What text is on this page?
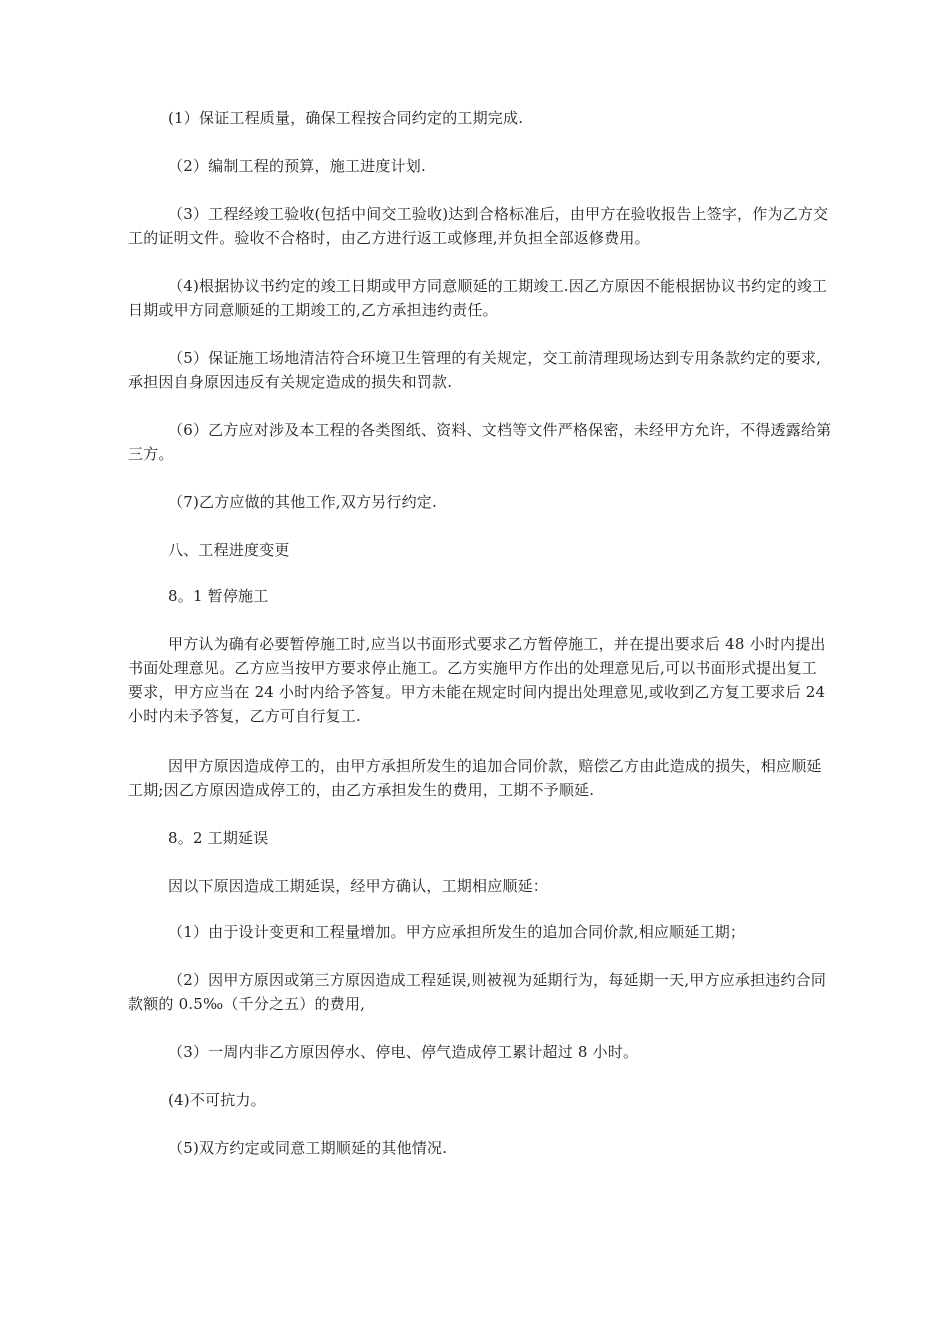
(1）保证工程质量，确保工程按合同约定的工期完成.

（2）编制工程的预算，施工进度计划.

（3）工程经竣工验收(包括中间交工验收)达到合格标准后，由甲方在验收报告上签字，作为乙方交工的证明文件。验收不合格时，由乙方进行返工或修理,并负担全部返修费用。

（4)根据协议书约定的竣工日期或甲方同意顺延的工期竣工.因乙方原因不能根据协议书约定的竣工日期或甲方同意顺延的工期竣工的,乙方承担违约责任。

（5）保证施工场地清洁符合环境卫生管理的有关规定，交工前清理现场达到专用条款约定的要求,承担因自身原因违反有关规定造成的损失和罚款.

（6）乙方应对涉及本工程的各类图纸、资料、文档等文件严格保密，未经甲方允许，不得透露给第三方。

（7)乙方应做的其他工作,双方另行约定.

八、工程进度变更

8。1 暂停施工

甲方认为确有必要暂停施工时,应当以书面形式要求乙方暂停施工，并在提出要求后 48 小时内提出书面处理意见。乙方应当按甲方要求停止施工。乙方实施甲方作出的处理意见后,可以书面形式提出复工要求，甲方应当在 24 小时内给予答复。甲方未能在规定时间内提出处理意见,或收到乙方复工要求后 24 小时内未予答复，乙方可自行复工.

因甲方原因造成停工的，由甲方承担所发生的追加合同价款，赔偿乙方由此造成的损失，相应顺延工期;因乙方原因造成停工的，由乙方承担发生的费用，工期不予顺延.

8。2 工期延误

因以下原因造成工期延误，经甲方确认，工期相应顺延：

（1）由于设计变更和工程量增加。甲方应承担所发生的追加合同价款,相应顺延工期；

（2）因甲方原因或第三方原因造成工程延误,则被视为延期行为，每延期一天,甲方应承担违约合同款额的 0.5‰（千分之五）的费用,

（3）一周内非乙方原因停水、停电、停气造成停工累计超过 8 小时。

(4)不可抗力。

（5)双方约定或同意工期顺延的其他情况.
